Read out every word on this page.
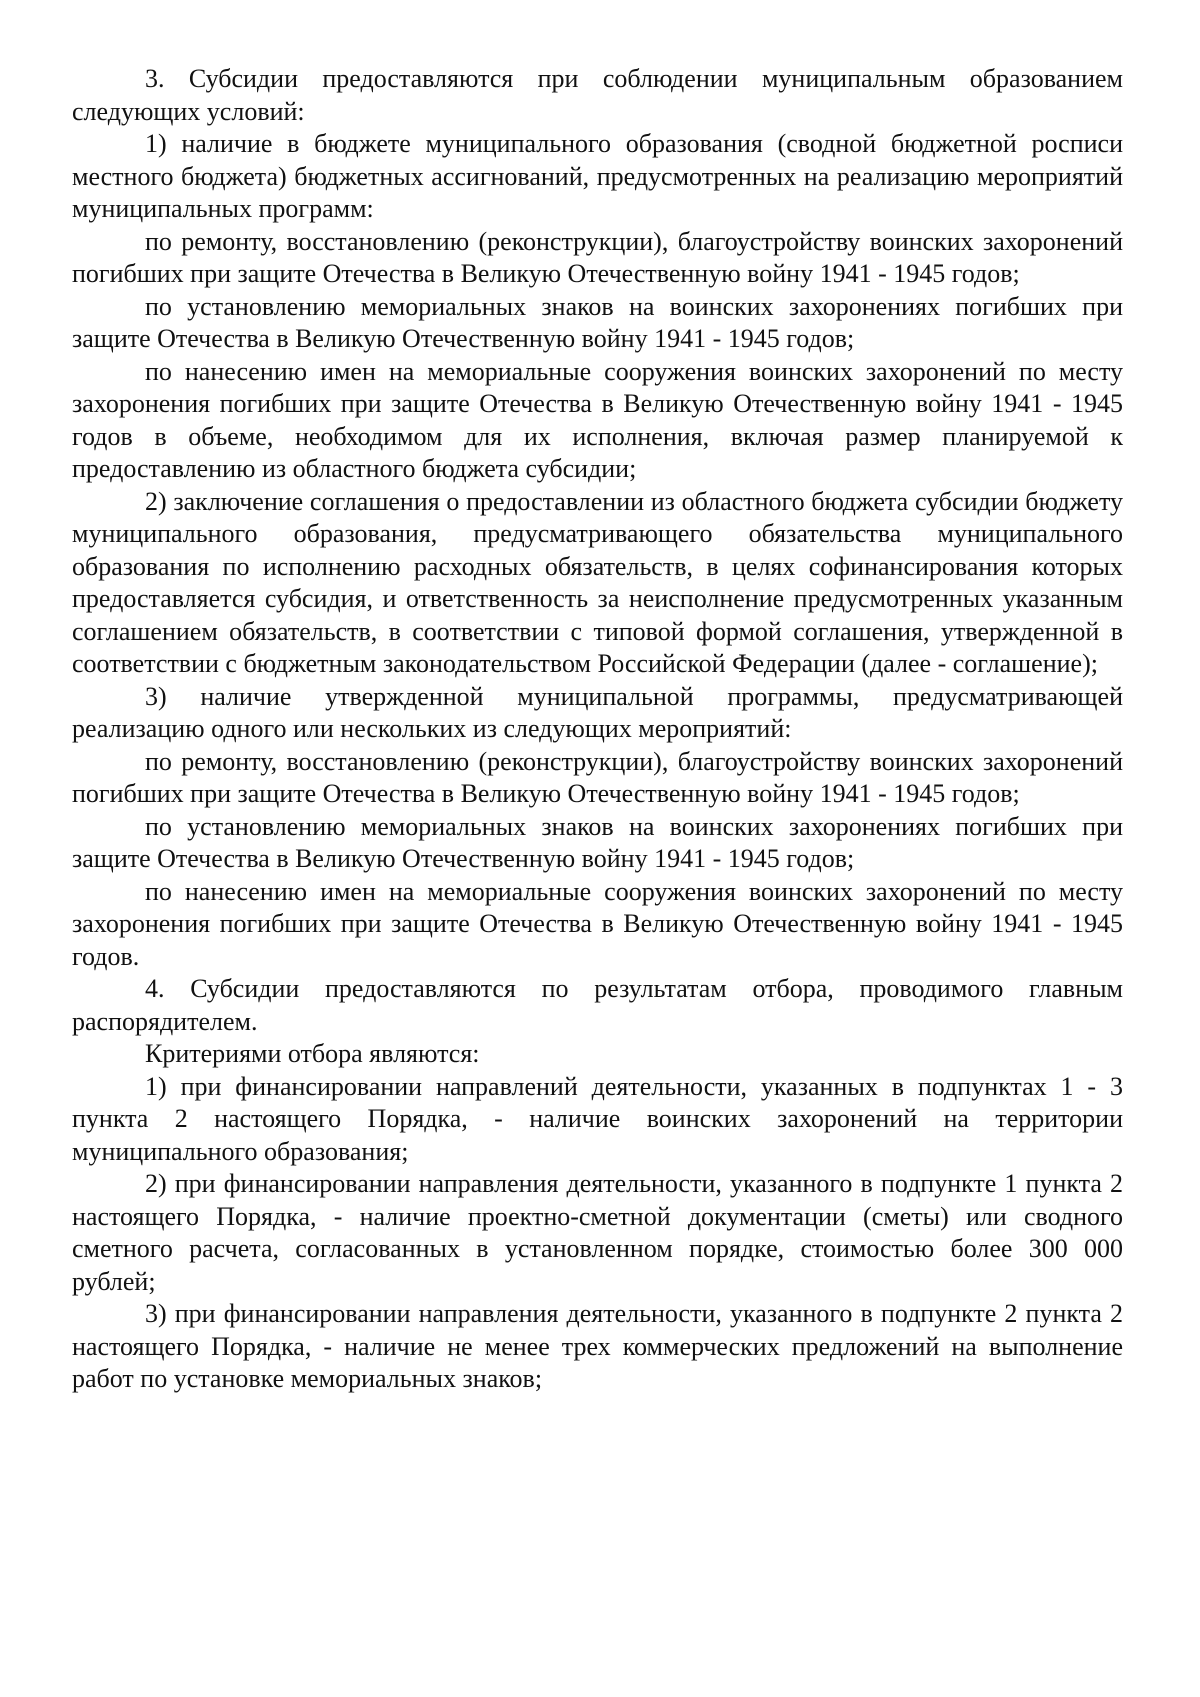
3. Субсидии предоставляются при соблюдении муниципальным образованием следующих условий:

1) наличие в бюджете муниципального образования (сводной бюджетной росписи местного бюджета) бюджетных ассигнований, предусмотренных на реализацию мероприятий муниципальных программ:

по ремонту, восстановлению (реконструкции), благоустройству воинских захоронений погибших при защите Отечества в Великую Отечественную войну 1941 - 1945 годов;

по установлению мемориальных знаков на воинских захоронениях погибших при защите Отечества в Великую Отечественную войну 1941 - 1945 годов;

по нанесению имен на мемориальные сооружения воинских захоронений по месту захоронения погибших при защите Отечества в Великую Отечественную войну 1941 - 1945 годов в объеме, необходимом для их исполнения, включая размер планируемой к предоставлению из областного бюджета субсидии;

2) заключение соглашения о предоставлении из областного бюджета субсидии бюджету муниципального образования, предусматривающего обязательства муниципального образования по исполнению расходных обязательств, в целях софинансирования которых предоставляется субсидия, и ответственность за неисполнение предусмотренных указанным соглашением обязательств, в соответствии с типовой формой соглашения, утвержденной в соответствии с бюджетным законодательством Российской Федерации (далее - соглашение);

3) наличие утвержденной муниципальной программы, предусматривающей реализацию одного или нескольких из следующих мероприятий:

по ремонту, восстановлению (реконструкции), благоустройству воинских захоронений погибших при защите Отечества в Великую Отечественную войну 1941 - 1945 годов;

по установлению мемориальных знаков на воинских захоронениях погибших при защите Отечества в Великую Отечественную войну 1941 - 1945 годов;

по нанесению имен на мемориальные сооружения воинских захоронений по месту захоронения погибших при защите Отечества в Великую Отечественную войну 1941 - 1945 годов.

4. Субсидии предоставляются по результатам отбора, проводимого главным распорядителем.

Критериями отбора являются:

1) при финансировании направлений деятельности, указанных в подпунктах 1 - 3 пункта 2 настоящего Порядка, - наличие воинских захоронений на территории муниципального образования;

2) при финансировании направления деятельности, указанного в подпункте 1 пункта 2 настоящего Порядка, - наличие проектно-сметной документации (сметы) или сводного сметного расчета, согласованных в установленном порядке, стоимостью более 300 000 рублей;

3) при финансировании направления деятельности, указанного в подпункте 2 пункта 2 настоящего Порядка, - наличие не менее трех коммерческих предложений на выполнение работ по установке мемориальных знаков;
